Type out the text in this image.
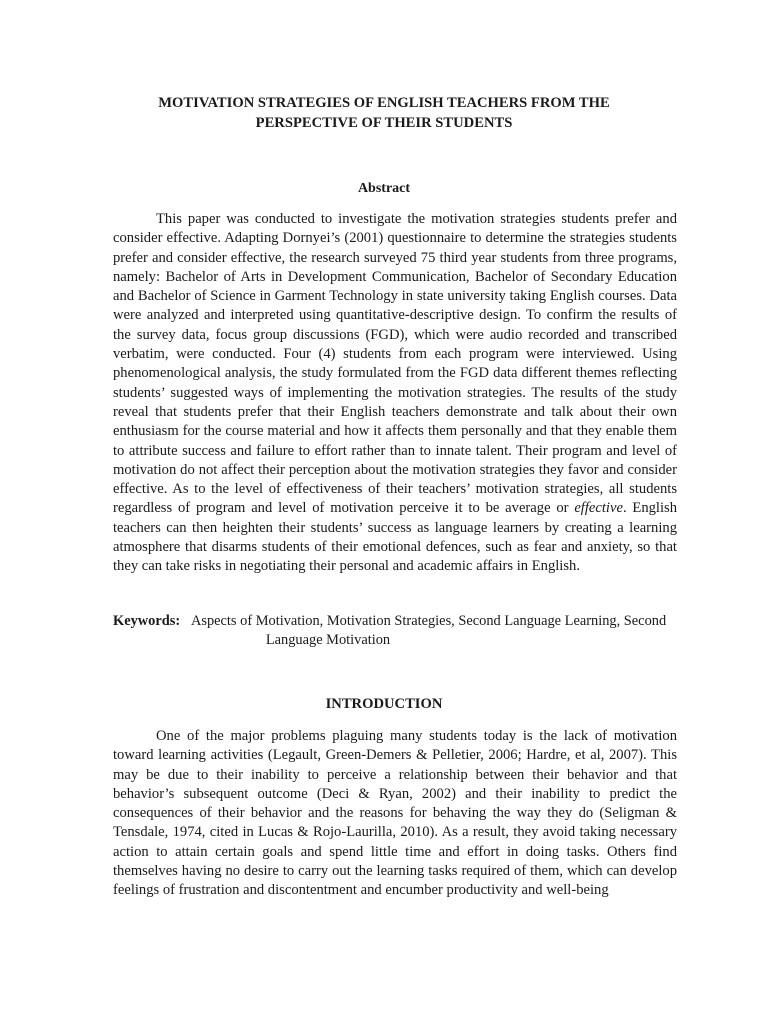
MOTIVATION STRATEGIES OF ENGLISH TEACHERS FROM THE PERSPECTIVE OF THEIR STUDENTS
Abstract

This paper was conducted to investigate the motivation strategies students prefer and consider effective. Adapting Dornyei’s (2001) questionnaire to determine the strategies students prefer and consider effective, the research surveyed 75 third year students from three programs, namely: Bachelor of Arts in Development Communication, Bachelor of Secondary Education and Bachelor of Science in Garment Technology in state university taking English courses. Data were analyzed and interpreted using quantitative-descriptive design. To confirm the results of the survey data, focus group discussions (FGD), which were audio recorded and transcribed verbatim, were conducted. Four (4) students from each program were interviewed. Using phenomenological analysis, the study formulated from the FGD data different themes reflecting students’ suggested ways of implementing the motivation strategies. The results of the study reveal that students prefer that their English teachers demonstrate and talk about their own enthusiasm for the course material and how it affects them personally and that they enable them to attribute success and failure to effort rather than to innate talent. Their program and level of motivation do not affect their perception about the motivation strategies they favor and consider effective. As to the level of effectiveness of their teachers’ motivation strategies, all students regardless of program and level of motivation perceive it to be average or effective. English teachers can then heighten their students’ success as language learners by creating a learning atmosphere that disarms students of their emotional defences, such as fear and anxiety, so that they can take risks in negotiating their personal and academic affairs in English.

Keywords: Aspects of Motivation, Motivation Strategies, Second Language Learning, Second

Language Motivation

INTRODUCTION

One of the major problems plaguing many students today is the lack of motivation toward learning activities (Legault, Green-Demers & Pelletier, 2006; Hardre, et al, 2007). This may be due to their inability to perceive a relationship between their behavior and that behavior’s subsequent outcome (Deci & Ryan, 2002) and their inability to predict the consequences of their behavior and the reasons for behaving the way they do (Seligman & Tensdale, 1974, cited in Lucas & Rojo-Laurilla, 2010). As a result, they avoid taking necessary action to attain certain goals and spend little time and effort in doing tasks. Others find themselves having no desire to carry out the learning tasks required of them, which can develop feelings of frustration and discontentment and encumber productivity and well-being
